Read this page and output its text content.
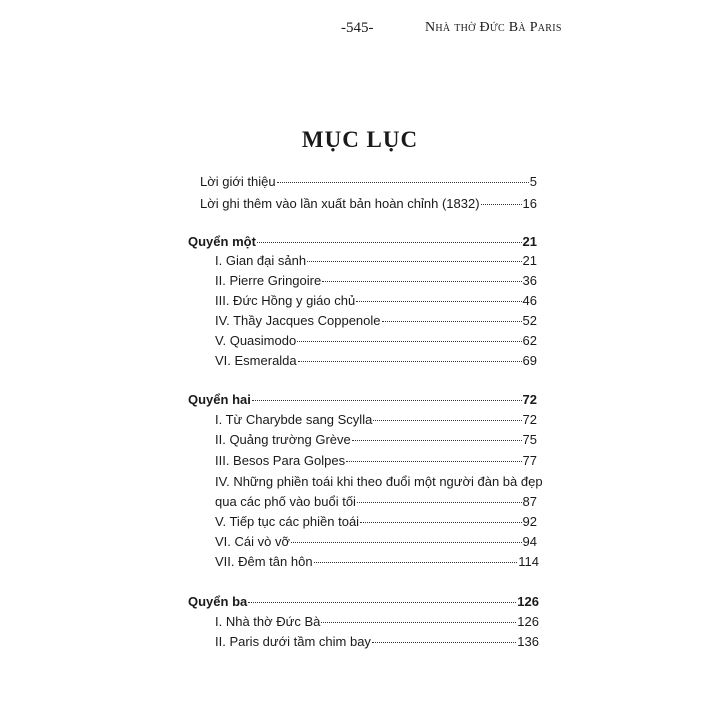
-545-	Nhà thờ Đức Bà Paris
MỤC LỤC
Lời giới thiệu	5
Lời ghi thêm vào lần xuất bản hoàn chỉnh (1832)	16
Quyển một	21
I. Gian đại sảnh	21
II. Pierre Gringoire	36
III. Đức Hồng y giáo chủ	46
IV. Thầy Jacques Coppenole	52
V. Quasimodo	62
VI. Esmeralda	69
Quyển hai	72
I. Từ Charybde sang Scylla	72
II. Quảng trường Grève	75
III. Besos Para Golpes	77
IV. Những phiền toái khi theo đuổi một người đàn bà đẹp
qua các phố vào buổi tối	87
V. Tiếp tục các phiền toái	92
VI. Cái vò vỡ	94
VII. Đêm tân hôn	114
Quyển ba	126
I. Nhà thờ Đức Bà	126
II. Paris dưới tầm chim bay	136
